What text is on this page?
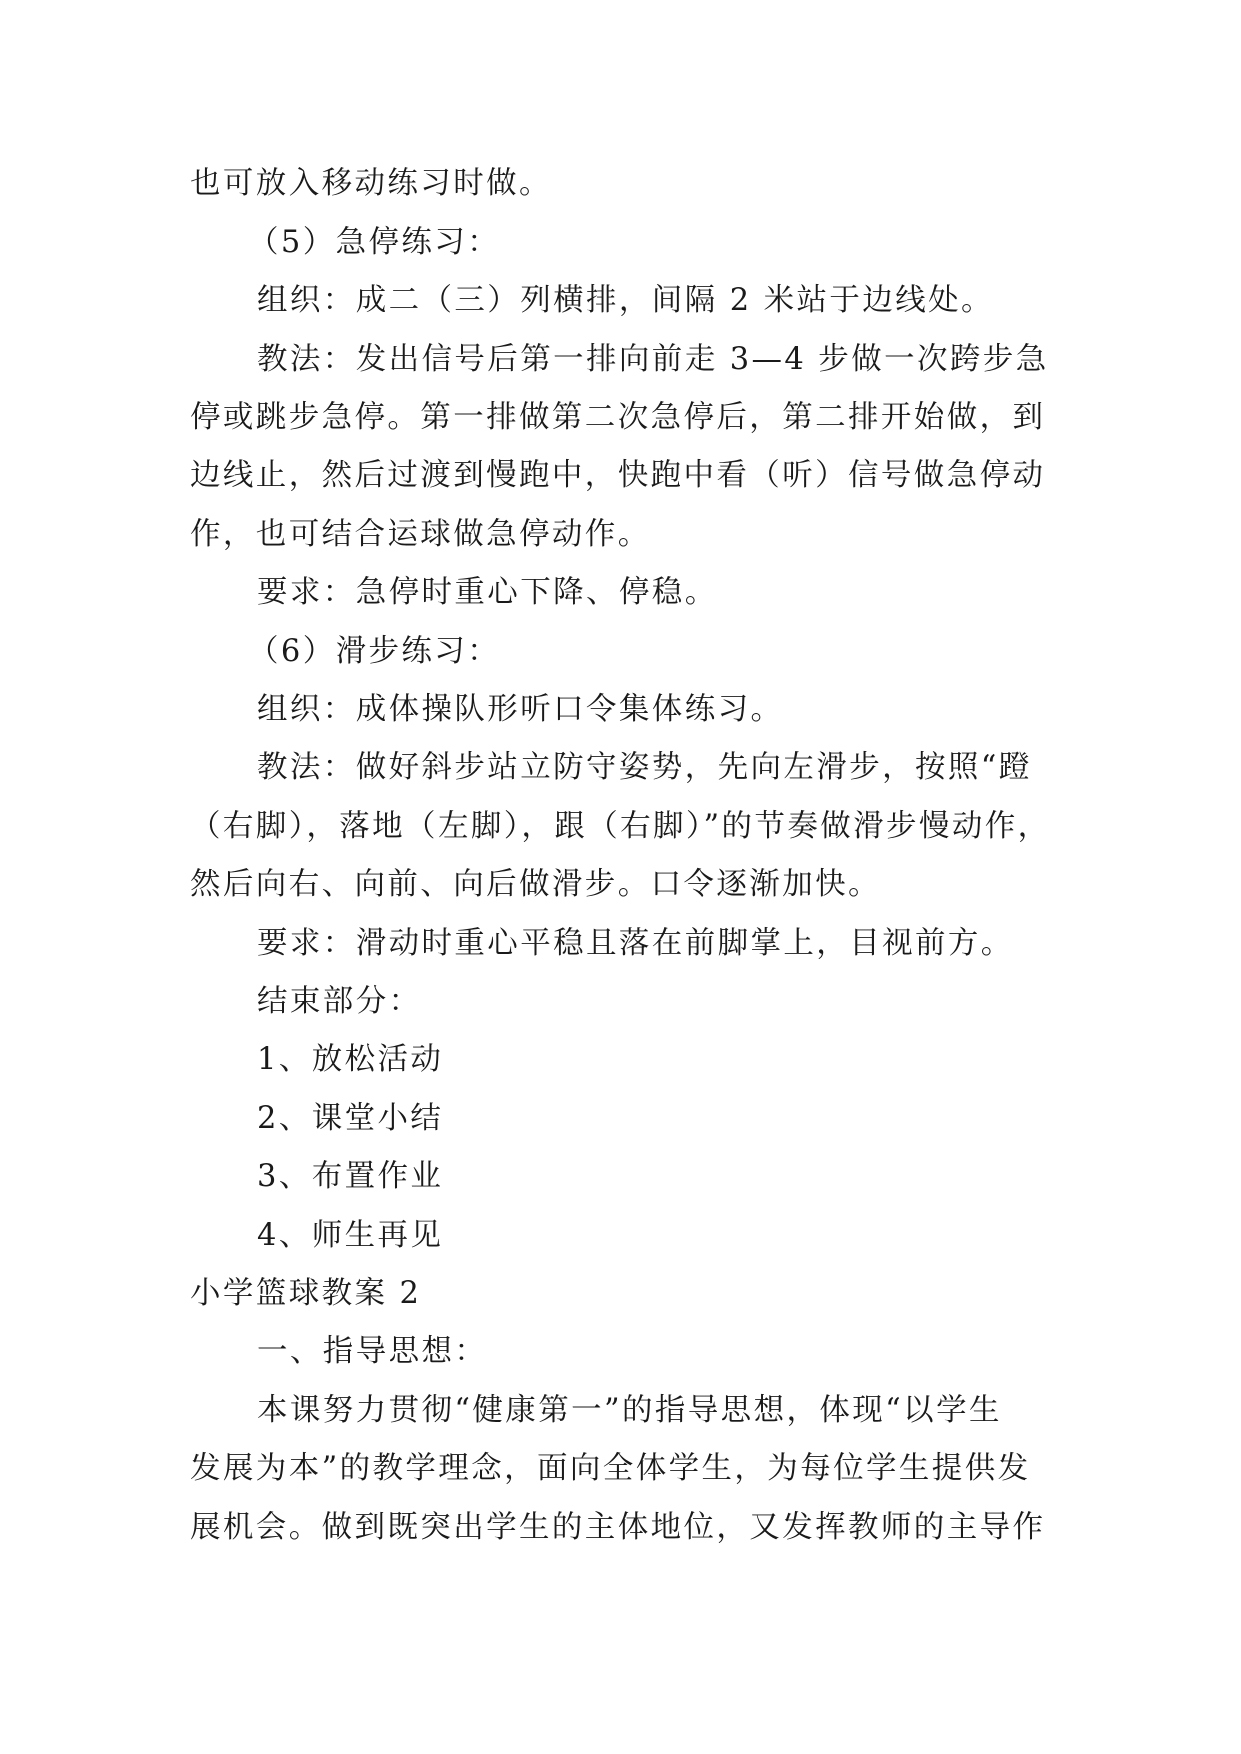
也可放入移动练习时做。
（5）急停练习：
组织：成二（三）列横排，间隔 2 米站于边线处。
教法：发出信号后第一排向前走 3—4 步做一次跨步急
停或跳步急停。第一排做第二次急停后，第二排开始做，到
边线止，然后过渡到慢跑中，快跑中看（听）信号做急停动
作，也可结合运球做急停动作。
要求：急停时重心下降、停稳。
（6）滑步练习：
组织：成体操队形听口令集体练习。
教法：做好斜步站立防守姿势，先向左滑步，按照“蹬
（右脚），落地（左脚），跟（右脚）”的节奏做滑步慢动作，
然后向右、向前、向后做滑步。口令逐渐加快。
要求：滑动时重心平稳且落在前脚掌上，目视前方。
结束部分：
1、放松活动
2、课堂小结
3、布置作业
4、师生再见
小学篮球教案 2
一、指导思想：
本课努力贯彻“健康第一”的指导思想，体现“以学生
发展为本”的教学理念，面向全体学生，为每位学生提供发
展机会。做到既突出学生的主体地位，又发挥教师的主导作
